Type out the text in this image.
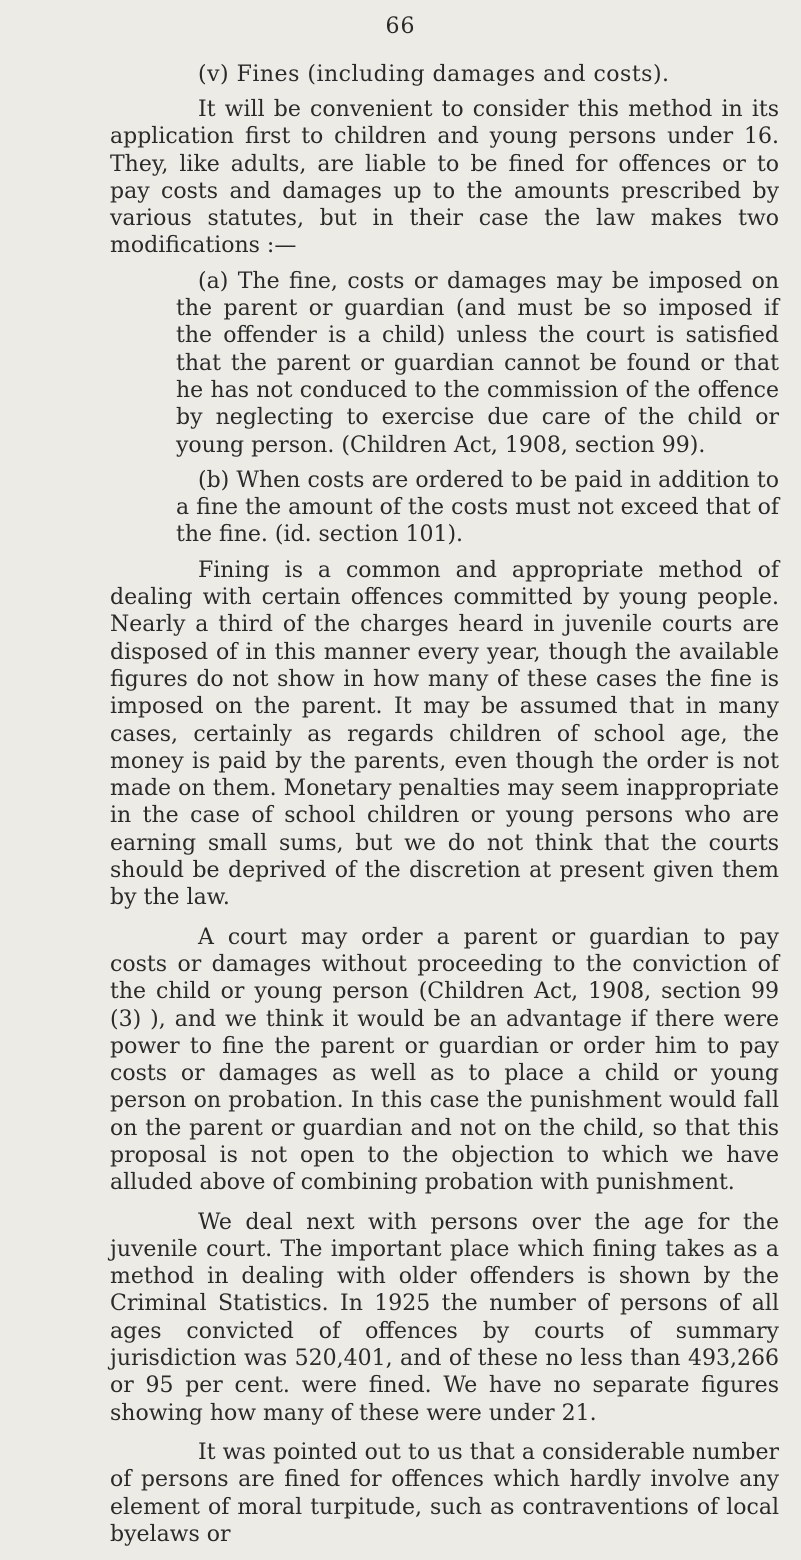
66
(v) Fines (including damages and costs).

It will be convenient to consider this method in its application first to children and young persons under 16. They, like adults, are liable to be fined for offences or to pay costs and damages up to the amounts prescribed by various statutes, but in their case the law makes two modifications :—

(a) The fine, costs or damages may be imposed on the parent or guardian (and must be so imposed if the offender is a child) unless the court is satisfied that the parent or guardian cannot be found or that he has not conduced to the commission of the offence by neglecting to exercise due care of the child or young person. (Children Act, 1908, section 99).

(b) When costs are ordered to be paid in addition to a fine the amount of the costs must not exceed that of the fine. (id. section 101).

Fining is a common and appropriate method of dealing with certain offences committed by young people. Nearly a third of the charges heard in juvenile courts are disposed of in this manner every year, though the available figures do not show in how many of these cases the fine is imposed on the parent. It may be assumed that in many cases, certainly as regards children of school age, the money is paid by the parents, even though the order is not made on them. Monetary penalties may seem inappropriate in the case of school children or young persons who are earning small sums, but we do not think that the courts should be deprived of the discretion at present given them by the law.

A court may order a parent or guardian to pay costs or damages without proceeding to the conviction of the child or young person (Children Act, 1908, section 99 (3) ), and we think it would be an advantage if there were power to fine the parent or guardian or order him to pay costs or damages as well as to place a child or young person on probation. In this case the punishment would fall on the parent or guardian and not on the child, so that this proposal is not open to the objection to which we have alluded above of combining probation with punishment.

We deal next with persons over the age for the juvenile court. The important place which fining takes as a method in dealing with older offenders is shown by the Criminal Statistics. In 1925 the number of persons of all ages convicted of offences by courts of summary jurisdiction was 520,401, and of these no less than 493,266 or 95 per cent. were fined. We have no separate figures showing how many of these were under 21.

It was pointed out to us that a considerable number of persons are fined for offences which hardly involve any element of moral turpitude, such as contraventions of local byelaws or
